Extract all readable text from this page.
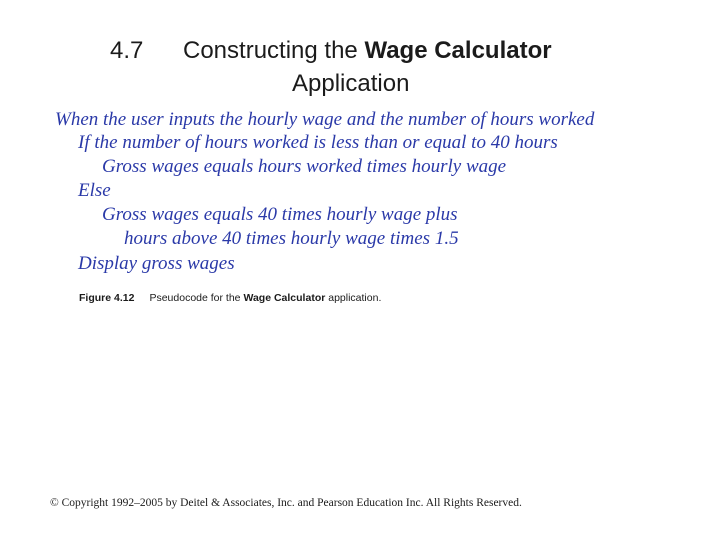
4.7 Constructing the Wage Calculator
Application
When the user inputs the hourly wage and the number of hours worked
If the number of hours worked is less than or equal to 40 hours
Gross wages equals hours worked times hourly wage
Else
Gross wages equals 40 times hourly wage plus
hours above 40 times hourly wage times 1.5
Display gross wages
Figure 4.12 Pseudocode for the Wage Calculator application.
© Copyright 1992–2005 by Deitel & Associates, Inc. and Pearson Education Inc. All Rights Reserved.
